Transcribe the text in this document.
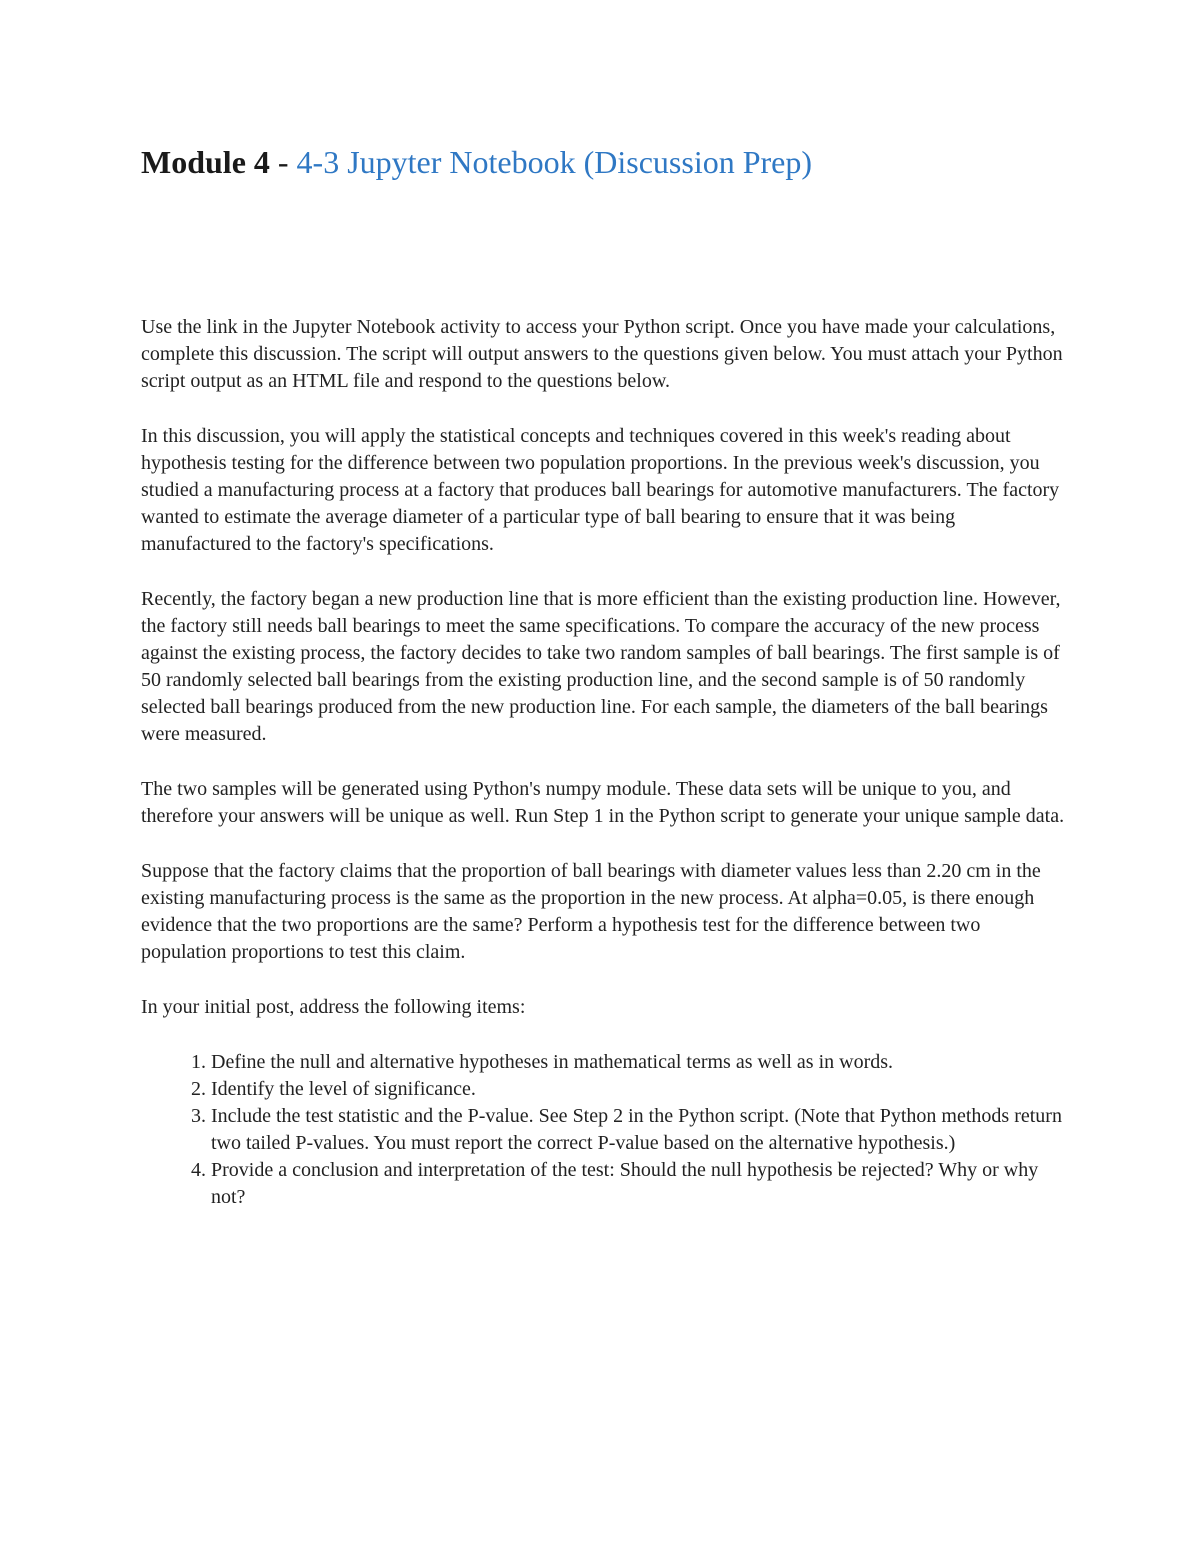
Module 4 - 4-3 Jupyter Notebook (Discussion Prep)

Use the link in the Jupyter Notebook activity to access your Python script. Once you have made your calculations, complete this discussion. The script will output answers to the questions given below. You must attach your Python script output as an HTML file and respond to the questions below.

In this discussion, you will apply the statistical concepts and techniques covered in this week's reading about hypothesis testing for the difference between two population proportions. In the previous week's discussion, you studied a manufacturing process at a factory that produces ball bearings for automotive manufacturers. The factory wanted to estimate the average diameter of a particular type of ball bearing to ensure that it was being manufactured to the factory's specifications.

Recently, the factory began a new production line that is more efficient than the existing production line. However, the factory still needs ball bearings to meet the same specifications. To compare the accuracy of the new process against the existing process, the factory decides to take two random samples of ball bearings. The first sample is of 50 randomly selected ball bearings from the existing production line, and the second sample is of 50 randomly selected ball bearings produced from the new production line. For each sample, the diameters of the ball bearings were measured.

The two samples will be generated using Python's numpy module. These data sets will be unique to you, and therefore your answers will be unique as well. Run Step 1 in the Python script to generate your unique sample data.

Suppose that the factory claims that the proportion of ball bearings with diameter values less than 2.20 cm in the existing manufacturing process is the same as the proportion in the new process. At alpha=0.05, is there enough evidence that the two proportions are the same? Perform a hypothesis test for the difference between two population proportions to test this claim.

In your initial post, address the following items:

1. Define the null and alternative hypotheses in mathematical terms as well as in words.
2. Identify the level of significance.
3. Include the test statistic and the P-value. See Step 2 in the Python script. (Note that Python methods return two tailed P-values. You must report the correct P-value based on the alternative hypothesis.)
4. Provide a conclusion and interpretation of the test: Should the null hypothesis be rejected? Why or why not?
